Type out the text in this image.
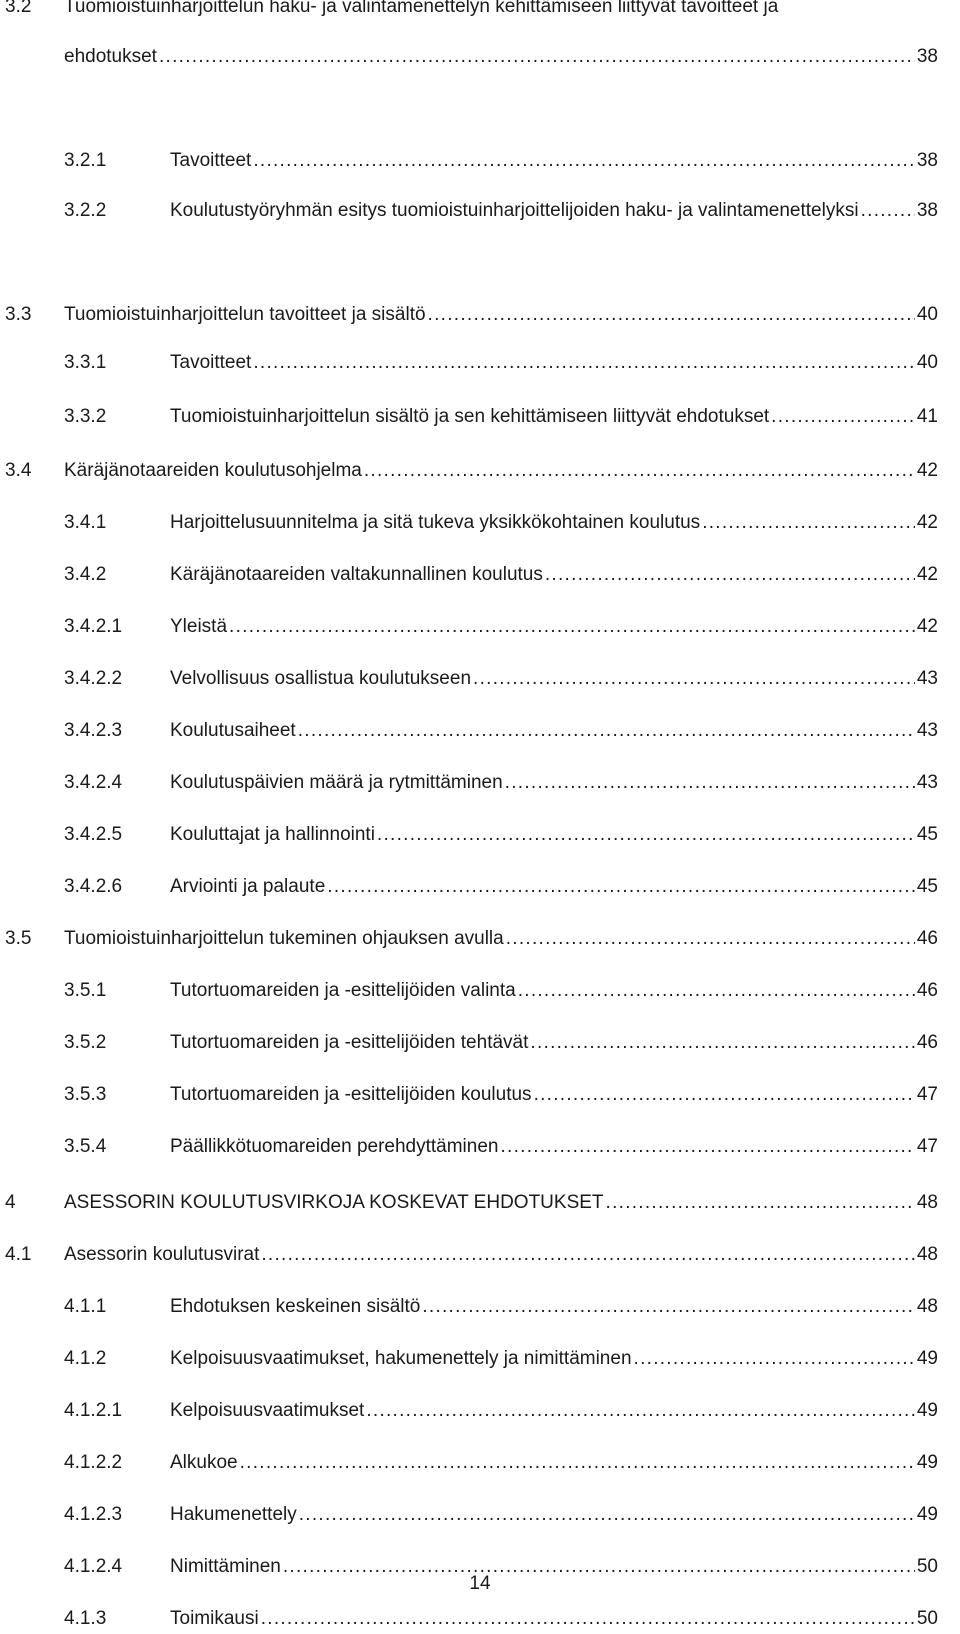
3.2 Tuomioistuinharjoittelun haku- ja valintamenettelyn kehittämiseen liittyvät tavoitteet ja
ehdotukset . . .	38
3.2.1	Tavoitteet . . .	38
3.2.2	Koulutustyöryhmän esitys tuomioistuinharjoittelijoiden haku- ja valintamenettelyksi . . .	38
3.3 Tuomioistuinharjoittelun tavoitteet ja sisältö . . .	40
3.3.1	Tavoitteet . . .	40
3.3.2	Tuomioistuinharjoittelun sisältö ja sen kehittämiseen liittyvät ehdotukset . . .	41
3.4 Käräjänotaareiden koulutusohjelma . . .	42
3.4.1	Harjoittelusuunnitelma ja sitä tukeva yksikkökohtainen koulutus . . .	42
3.4.2	Käräjänotaareiden valtakunnallinen koulutus . . .	42
3.4.2.1	Yleistä . . .	42
3.4.2.2	Velvollisuus osallistua koulutukseen . . .	43
3.4.2.3	Koulutusaiheet . . .	43
3.4.2.4	Koulutuspäivien määrä ja rytmittäminen . . .	43
3.4.2.5	Kouluttajat ja hallinnointi . . .	45
3.4.2.6	Arviointi ja palaute . . .	45
3.5 Tuomioistuinharjoittelun tukeminen ohjauksen avulla . . .	46
3.5.1	Tutortuomareiden ja -esittelijöiden valinta . . .	46
3.5.2	Tutortuomareiden ja -esittelijöiden tehtävät . . .	46
3.5.3	Tutortuomareiden ja -esittelijöiden koulutus . . .	47
3.5.4	Päällikkötuomareiden perehdyttäminen . . .	47
4	ASESSORIN KOULUTUSVIRKOJA KOSKEVAT EHDOTUKSET . . .	48
4.1 Asessorin koulutusvirat . . .	48
4.1.1	Ehdotuksen keskeinen sisältö . . .	48
4.1.2	Kelpoisuusvaatimukset, hakumenettely ja nimittäminen . . .	49
4.1.2.1	Kelpoisuusvaatimukset . . .	49
4.1.2.2	Alkukoe . . .	49
4.1.2.3	Hakumenettely . . .	49
4.1.2.4	Nimittäminen . . .	50
4.1.3	Toimikausi . . .	50
14
